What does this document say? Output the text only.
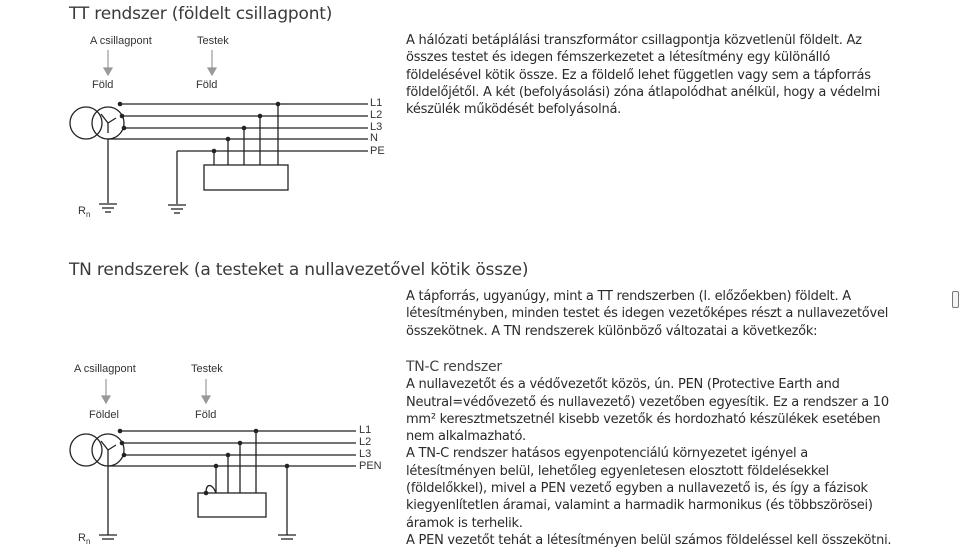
TT rendszer (földelt csillagpont)
A csillagpont	Testek
Föld	Föld
L1
L2
L3
N
PE
$R_n$

A hálózati betáplálási transzformátor csillagpontja közvetlenül földelt. Az összes testet és idegen fémszerkezetet a létesítmény egy különálló földelésével kötik össze. Ez a földelő lehet független vagy sem a tápforrás földelőjétől. A két (befolyásolási) zóna átlapolódhat anélkül, hogy a védelmi készülék működését befolyásolná.

TN rendszerek (a testeket a nullavezetővel kötik össze)

A tápforrás, ugyanúgy, mint a TT rendszerben (l. előzőekben) földelt. A létesítményben, minden testet és idegen vezetőképes részt a nullavezetővel összekötnek. A TN rendszerek különböző változatai a következők:

A csillagpont	Testek
Földel	Föld
L1
L2
L3
PEN
$R_n$

TN-C rendszer

A nullavezetőt és a védővezetőt közös, ún. PEN (Protective Earth and Neutral=védővezető és nullavezető) vezetőben egyesítik. Ez a rendszer a 10 mm² keresztmetszetnél kisebb vezetők és hordozható készülékek esetében nem alkalmazható.

A TN-C rendszer hatásos egyenpotenciálú környezetet igényel a létesítményen belül, lehetőleg egyenletesen elosztott földelésekkel (földelőkkel), mivel a PEN vezető egyben a nullavezető is, és így a fázisok kiegyenlítetlen áramai, valamint a harmadik harmonikus (és többszörösei) áramok is terhelik.

A PEN vezetőt tehát a létesítményen belül számos földeléssel kell összekötni.
